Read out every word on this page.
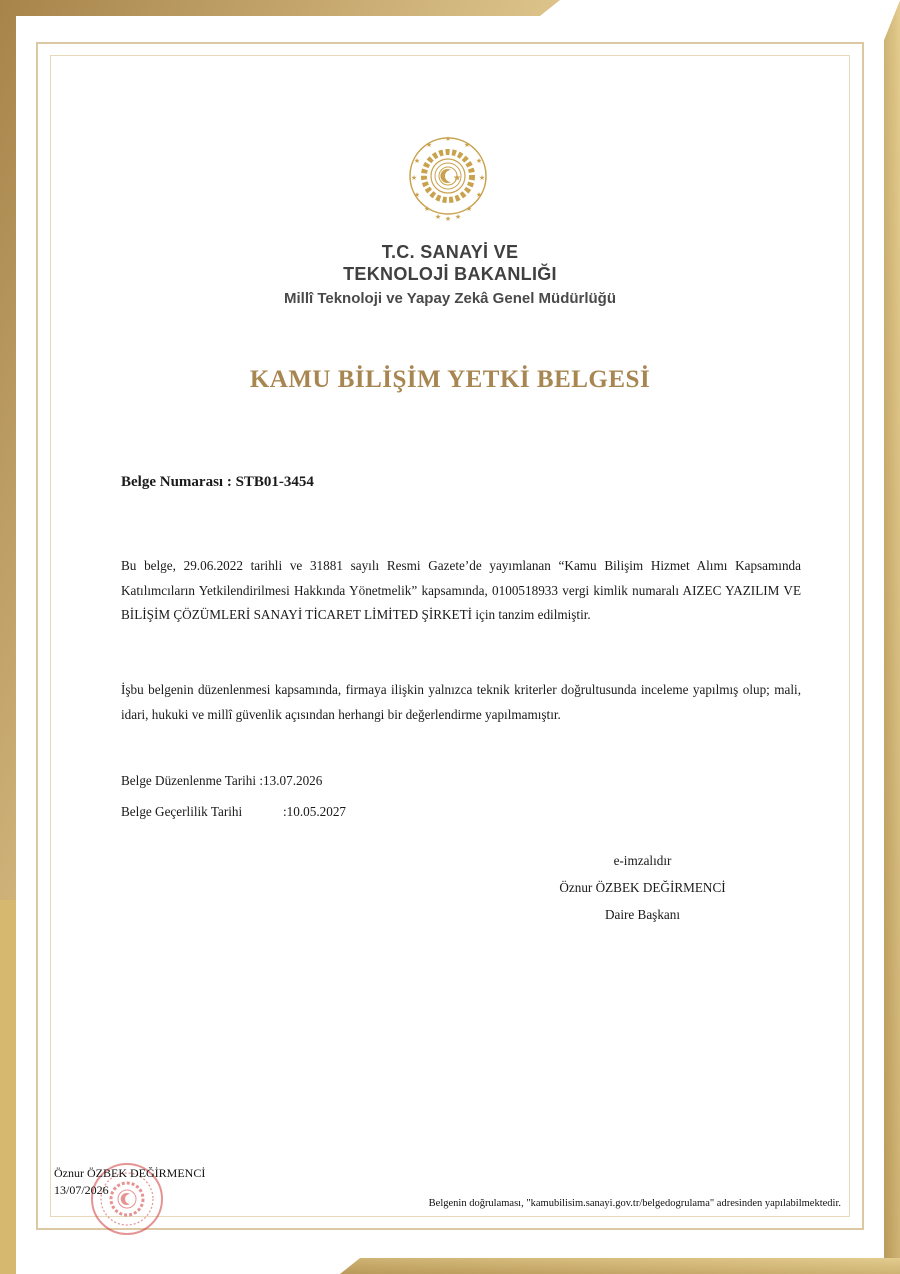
★
★	★
★	★
★	★
★	★
★	★
★ ★
★
T.C. SANAYİ VE
TEKNOLOJİ BAKANLIĞI
Millî Teknoloji ve Yapay Zekâ Genel Müdürlüğü
KAMU BİLİŞİM YETKİ BELGESİ
Belge Numarası : STB01-3454
Bu belge, 29.06.2022 tarihli ve 31881 sayılı Resmi Gazete’de yayımlanan “Kamu Bilişim Hizmet Alımı Kapsamında Katılımcıların Yetkilendirilmesi Hakkında Yönetmelik” kapsamında, 0100518933 vergi kimlik numaralı AIZEC YAZILIM VE BİLİŞİM ÇÖZÜMLERİ SANAYİ TİCARET LİMİTED ŞİRKETİ için tanzim edilmiştir.
İşbu belgenin düzenlenmesi kapsamında, firmaya ilişkin yalnızca teknik kriterler doğrultusunda inceleme yapılmış olup; mali, idari, hukuki ve millî güvenlik açısından herhangi bir değerlendirme yapılmamıştır.
Belge Düzenlenme Tarihi :13.07.2026
Belge Geçerlilik Tarihi	:10.05.2027
e-imzalıdır
Öznur ÖZBEK DEĞİRMENCİ
Daire Başkanı
Öznur ÖZBEK DEĞİRMENCİ
13/07/2026
Belgenin doğrulaması, "kamubilisim.sanayi.gov.tr/belgedogrulama" adresinden yapılabilmektedir.
